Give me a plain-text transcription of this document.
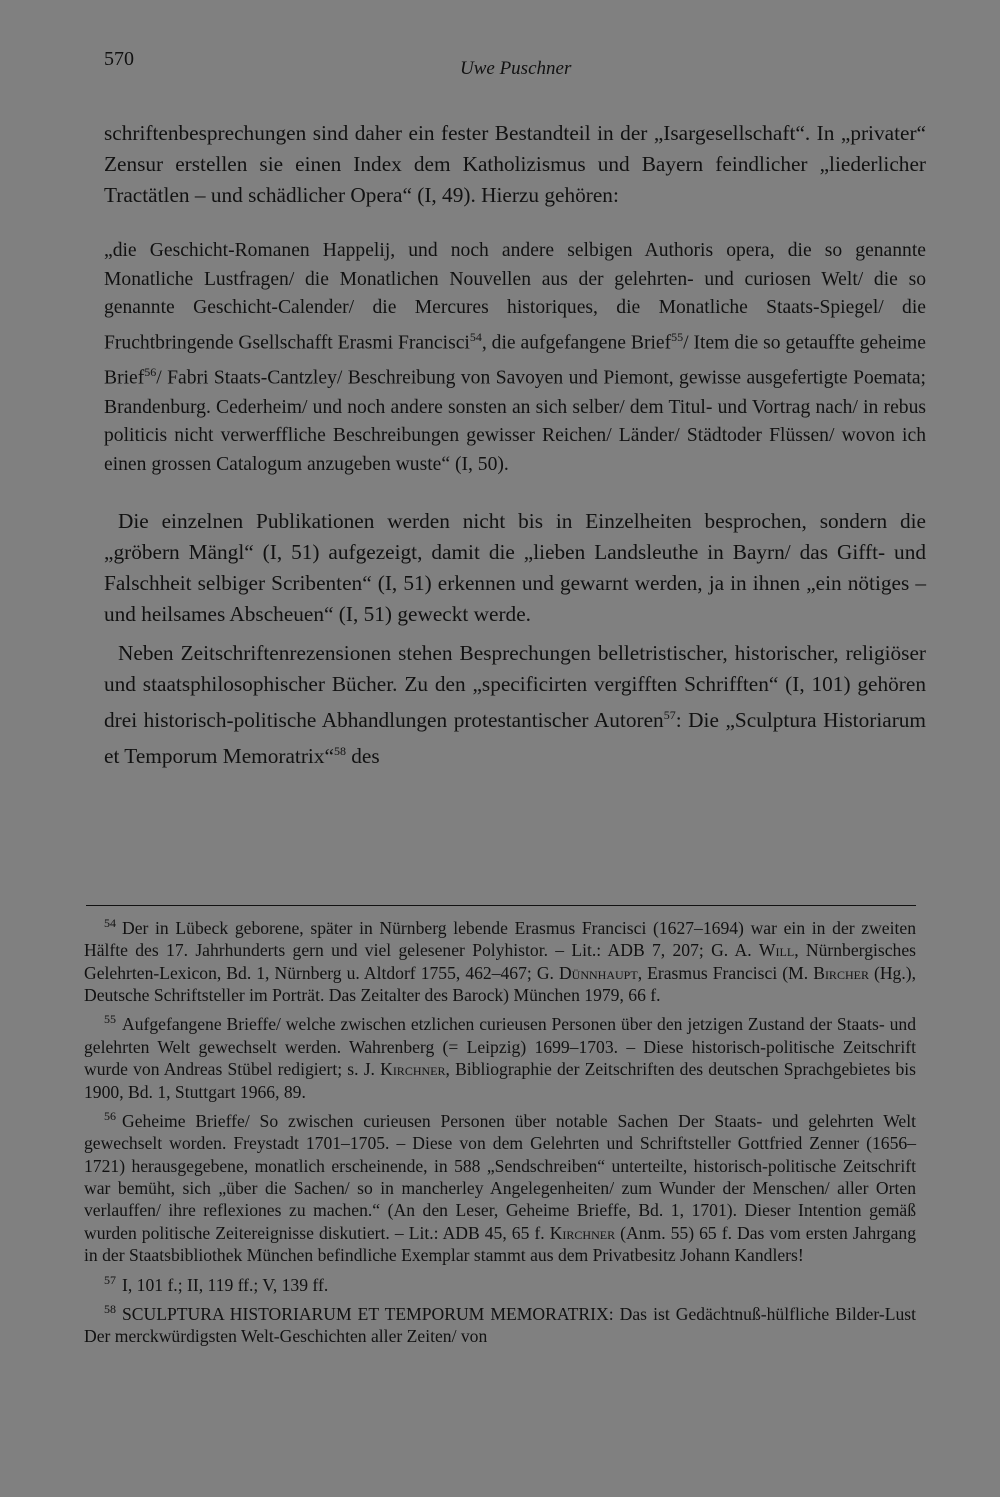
570	Uwe Puschner

schriftenbesprechungen sind daher ein fester Bestandteil in der „Isargesellschaft“. In „privater“ Zensur erstellen sie einen Index dem Katholizismus und Bayern feindlicher „liederlicher Tractätlen – und schädlicher Opera“ (I, 49). Hierzu gehören:

„die Geschicht-Romanen Happelij, und noch andere selbigen Authoris opera, die so genannte Monatliche Lustfragen/ die Monatlichen Nouvellen aus der gelehrten- und curiosen Welt/ die so genannte Geschicht-Calender/ die Mercures historiques, die Monatliche Staats-Spiegel/ die Fruchtbringende Gsellschafft Erasmi Francisci$^{54}$, die aufgefangene Brief$^{55}$/ Item die so getauffte geheime Brief$^{56}$/ Fabri Staats-Cantzley/ Beschreibung von Savoyen und Piemont, gewisse ausgefertigte Poemata; Brandenburg. Cederheim/ und noch andere sonsten an sich selber/ dem Titul- und Vortrag nach/ in rebus politicis nicht verwerffliche Beschreibungen gewisser Reichen/ Länder/ Städtoder Flüssen/ wovon ich einen grossen Catalogum anzugeben wuste“ (I, 50).

Die einzelnen Publikationen werden nicht bis in Einzelheiten besprochen, sondern die „gröbern Mängl“ (I, 51) aufgezeigt, damit die „lieben Landsleuthe in Bayrn/ das Gifft- und Falschheit selbiger Scribenten“ (I, 51) erkennen und gewarnt werden, ja in ihnen „ein nötiges – und heilsames Abscheuen“ (I, 51) geweckt werde.

Neben Zeitschriftenrezensionen stehen Besprechungen belletristischer, historischer, religiöser und staatsphilosophischer Bücher. Zu den „specificirten vergifften Schrifften“ (I, 101) gehören drei historisch-politische Abhandlungen protestantischer Autoren$^{57}$: Die „Sculptura Historiarum et Temporum Memoratrix“$^{58}$ des

$^{54}$ Der in Lübeck geborene, später in Nürnberg lebende Erasmus Francisci (1627–1694) war ein in der zweiten Hälfte des 17. Jahrhunderts gern und viel gelesener Polyhistor. – Lit.: ADB 7, 207; G. A. Will, Nürnbergisches Gelehrten-Lexicon, Bd. 1, Nürnberg u. Altdorf 1755, 462–467; G. Dünnhaupt, Erasmus Francisci (M. Bircher (Hg.), Deutsche Schriftsteller im Porträt. Das Zeitalter des Barock) München 1979, 66 f.

$^{55}$ Aufgefangene Brieffe/ welche zwischen etzlichen curieusen Personen über den jetzigen Zustand der Staats- und gelehrten Welt gewechselt werden. Wahrenberg (= Leipzig) 1699–1703. – Diese historisch-politische Zeitschrift wurde von Andreas Stübel redigiert; s. J. Kirchner, Bibliographie der Zeitschriften des deutschen Sprachgebietes bis 1900, Bd. 1, Stuttgart 1966, 89.

$^{56}$ Geheime Brieffe/ So zwischen curieusen Personen über notable Sachen Der Staats- und gelehrten Welt gewechselt worden. Freystadt 1701–1705. – Diese von dem Gelehrten und Schriftsteller Gottfried Zenner (1656–1721) herausgegebene, monatlich erscheinende, in 588 „Sendschreiben“ unterteilte, historisch-politische Zeitschrift war bemüht, sich „über die Sachen/ so in mancherley Angelegenheiten/ zum Wunder der Menschen/ aller Orten verlauffen/ ihre reflexiones zu machen.“ (An den Leser, Geheime Brieffe, Bd. 1, 1701). Dieser Intention gemäß wurden politische Zeitereignisse diskutiert. – Lit.: ADB 45, 65 f. Kirchner (Anm. 55) 65 f. Das vom ersten Jahrgang in der Staatsbibliothek München befindliche Exemplar stammt aus dem Privatbesitz Johann Kandlers!

$^{57}$ I, 101 f.; II, 119 ff.; V, 139 ff.

$^{58}$ SCULPTURA HISTORIARUM ET TEMPORUM MEMORATRIX: Das ist Gedächtnuß-hülfliche Bilder-Lust Der merckwürdigsten Welt-Geschichten aller Zeiten/ von
